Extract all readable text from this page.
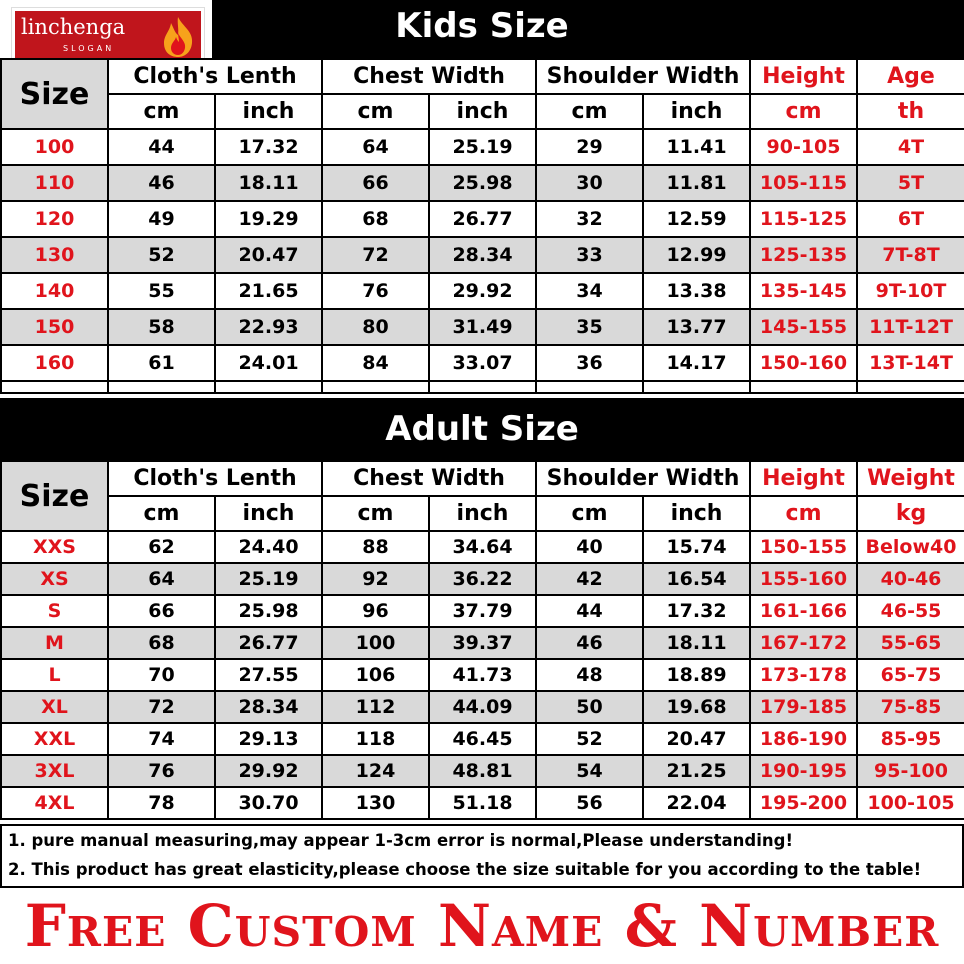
Kids Size
linchenga
SLOGAN
Size	Cloth's Lenth		Chest Width		Shoulder Width		Height	Age
	cm	inch	cm	inch	cm	inch	cm	th
100	44	17.32	64	25.19	29	11.41	90-105	4T
110	46	18.11	66	25.98	30	11.81	105-115	5T
120	49	19.29	68	26.77	32	12.59	115-125	6T
130	52	20.47	72	28.34	33	12.99	125-135	7T-8T
140	55	21.65	76	29.92	34	13.38	135-145	9T-10T
150	58	22.93	80	31.49	35	13.77	145-155	11T-12T
160	61	24.01	84	33.07	36	14.17	150-160	13T-14T

Adult Size
Size	Cloth's Lenth		Chest Width		Shoulder Width		Height	Weight
	cm	inch	cm	inch	cm	inch	cm	kg
XXS	62	24.40	88	34.64	40	15.74	150-155	Below40
XS	64	25.19	92	36.22	42	16.54	155-160	40-46
S	66	25.98	96	37.79	44	17.32	161-166	46-55
M	68	26.77	100	39.37	46	18.11	167-172	55-65
L	70	27.55	106	41.73	48	18.89	173-178	65-75
XL	72	28.34	112	44.09	50	19.68	179-185	75-85
XXL	74	29.13	118	46.45	52	20.47	186-190	85-95
3XL	76	29.92	124	48.81	54	21.25	190-195	95-100
4XL	78	30.70	130	51.18	56	22.04	195-200	100-105

1. pure manual measuring,may appear 1-3cm error is normal,Please understanding!

2. This product has great elasticity,please choose the size suitable for you according to the table!

Free Custom Name & Number
